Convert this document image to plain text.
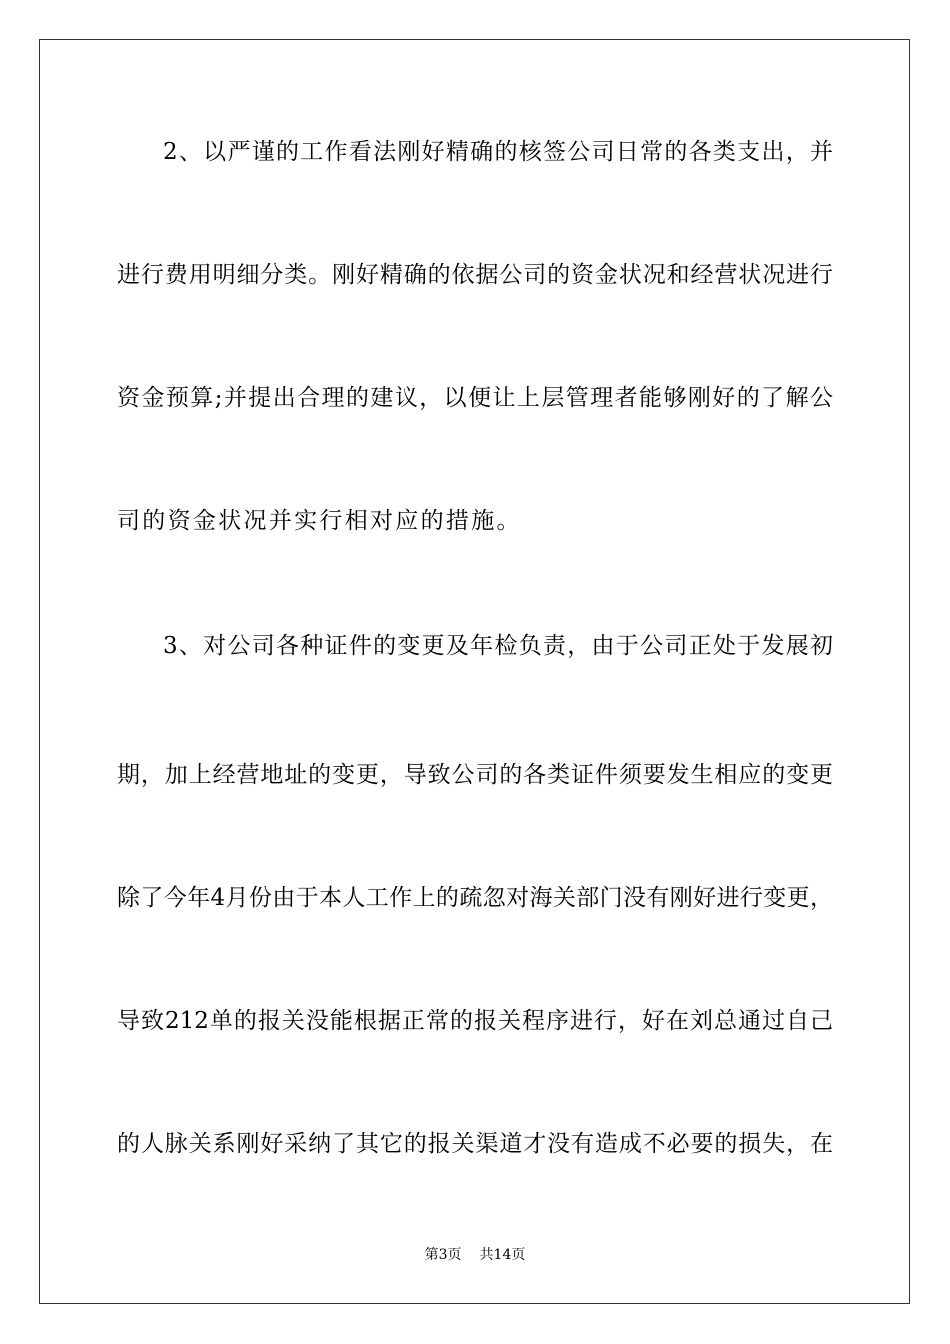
2、以严谨的工作看法刚好精确的核签公司日常的各类支出，并
进行费用明细分类。刚好精确的依据公司的资金状况和经营状况进行
资金预算;并提出合理的建议，以便让上层管理者能够刚好的了解公
司的资金状况并实行相对应的措施。
3、对公司各种证件的变更及年检负责，由于公司正处于发展初
期，加上经营地址的变更，导致公司的各类证件须要发生相应的变更
除了今年4月份由于本人工作上的疏忽对海关部门没有刚好进行变更，
导致212单的报关没能根据正常的报关程序进行，好在刘总通过自己
的人脉关系刚好采纳了其它的报关渠道才没有造成不必要的损失，在
第3页 共14页
